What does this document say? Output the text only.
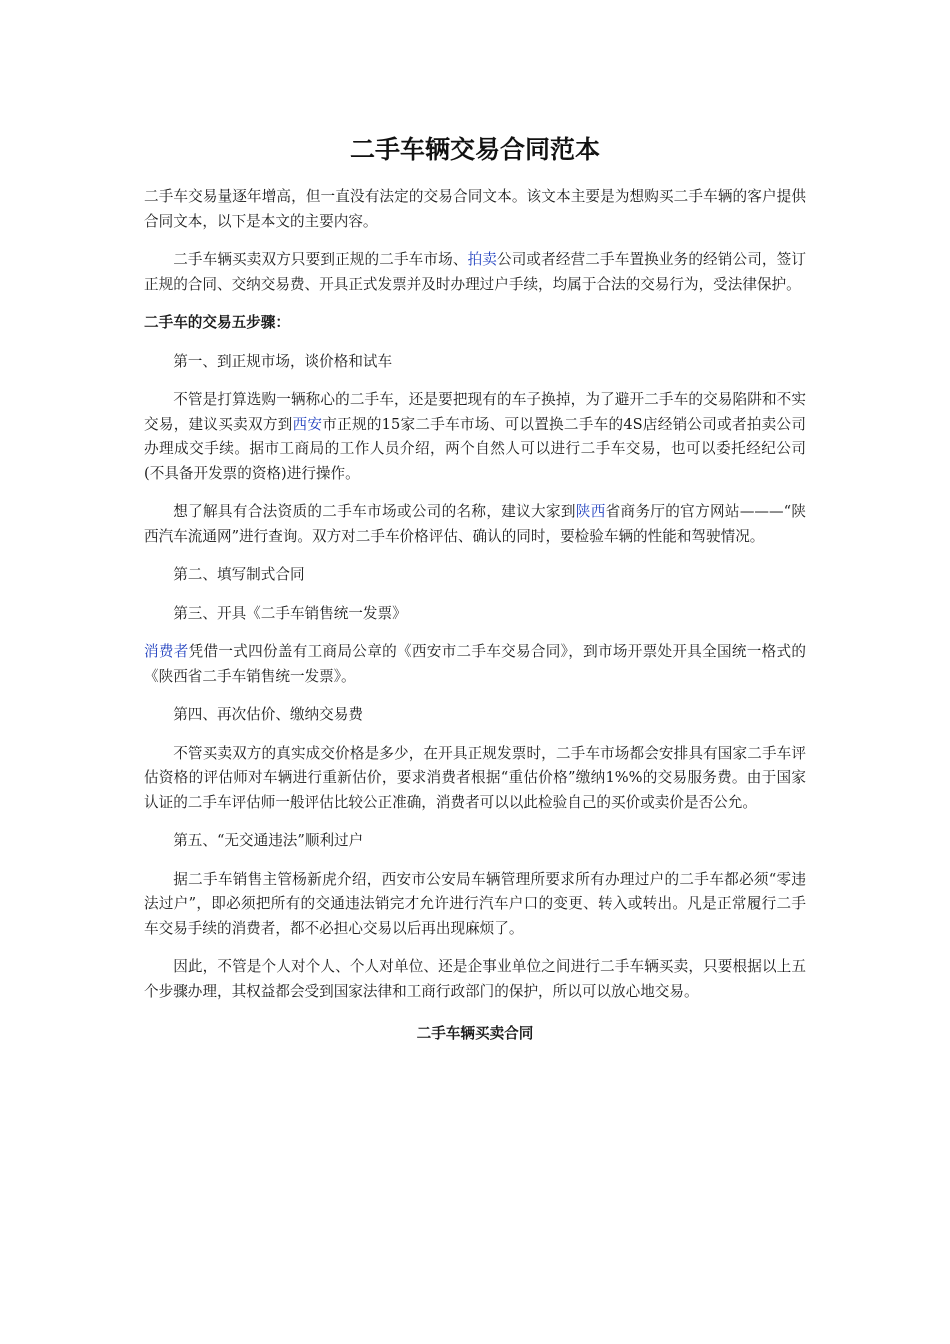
二手车辆交易合同范本

二手车交易量逐年增高，但一直没有法定的交易合同文本。该文本主要是为想购买二手车辆的客户提供合同文本，以下是本文的主要内容。

二手车辆买卖双方只要到正规的二手车市场、拍卖公司或者经营二手车置换业务的经销公司，签订正规的合同、交纳交易费、开具正式发票并及时办理过户手续，均属于合法的交易行为，受法律保护。

二手车的交易五步骤：

第一、到正规市场，谈价格和试车

不管是打算选购一辆称心的二手车，还是要把现有的车子换掉，为了避开二手车的交易陷阱和不实交易，建议买卖双方到西安市正规的15家二手车市场、可以置换二手车的4S店经销公司或者拍卖公司办理成交手续。据市工商局的工作人员介绍，两个自然人可以进行二手车交易，也可以委托经纪公司(不具备开发票的资格)进行操作。

想了解具有合法资质的二手车市场或公司的名称，建议大家到陕西省商务厅的官方网站———“陕西汽车流通网”进行查询。双方对二手车价格评估、确认的同时，要检验车辆的性能和驾驶情况。

第二、填写制式合同

第三、开具《二手车销售统一发票》

消费者凭借一式四份盖有工商局公章的《西安市二手车交易合同》，到市场开票处开具全国统一格式的《陕西省二手车销售统一发票》。

第四、再次估价、缴纳交易费

不管买卖双方的真实成交价格是多少，在开具正规发票时，二手车市场都会安排具有国家二手车评估资格的评估师对车辆进行重新估价，要求消费者根据“重估价格”缴纳1%%的交易服务费。由于国家认证的二手车评估师一般评估比较公正准确，消费者可以以此检验自己的买价或卖价是否公允。

第五、“无交通违法”顺利过户

据二手车销售主管杨新虎介绍，西安市公安局车辆管理所要求所有办理过户的二手车都必须“零违法过户”，即必须把所有的交通违法销完才允许进行汽车户口的变更、转入或转出。凡是正常履行二手车交易手续的消费者，都不必担心交易以后再出现麻烦了。

因此，不管是个人对个人、个人对单位、还是企事业单位之间进行二手车辆买卖，只要根据以上五个步骤办理，其权益都会受到国家法律和工商行政部门的保护，所以可以放心地交易。

二手车辆买卖合同
